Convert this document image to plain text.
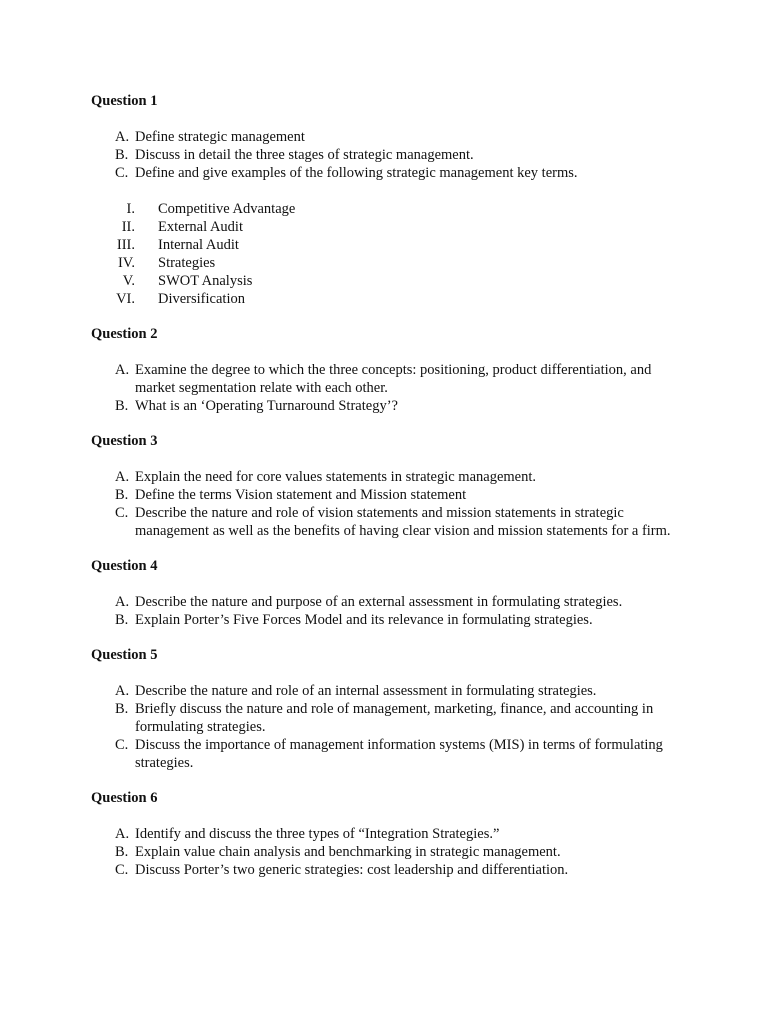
Question 1
A. Define strategic management
B. Discuss in detail the three stages of strategic management.
C. Define and give examples of the following strategic management key terms.
I.	Competitive Advantage
II.	External Audit
III.	Internal Audit
IV.	Strategies
V.	SWOT Analysis
VI.	Diversification
Question 2
A. Examine the degree to which the three concepts: positioning, product differentiation, and market segmentation relate with each other.
B. What is an ‘Operating Turnaround Strategy’?
Question 3
A. Explain the need for core values statements in strategic management.
B. Define the terms Vision statement and Mission statement
C. Describe the nature and role of vision statements and mission statements in strategic management as well as the benefits of having clear vision and mission statements for a firm.
Question 4
A. Describe the nature and purpose of an external assessment in formulating strategies.
B. Explain Porter’s Five Forces Model and its relevance in formulating strategies.
Question 5
A. Describe the nature and role of an internal assessment in formulating strategies.
B. Briefly discuss the nature and role of management, marketing, finance, and accounting in formulating strategies.
C. Discuss the importance of management information systems (MIS) in terms of formulating strategies.
Question 6
A. Identify and discuss the three types of “Integration Strategies.”
B. Explain value chain analysis and benchmarking in strategic management.
C. Discuss Porter’s two generic strategies: cost leadership and differentiation.
